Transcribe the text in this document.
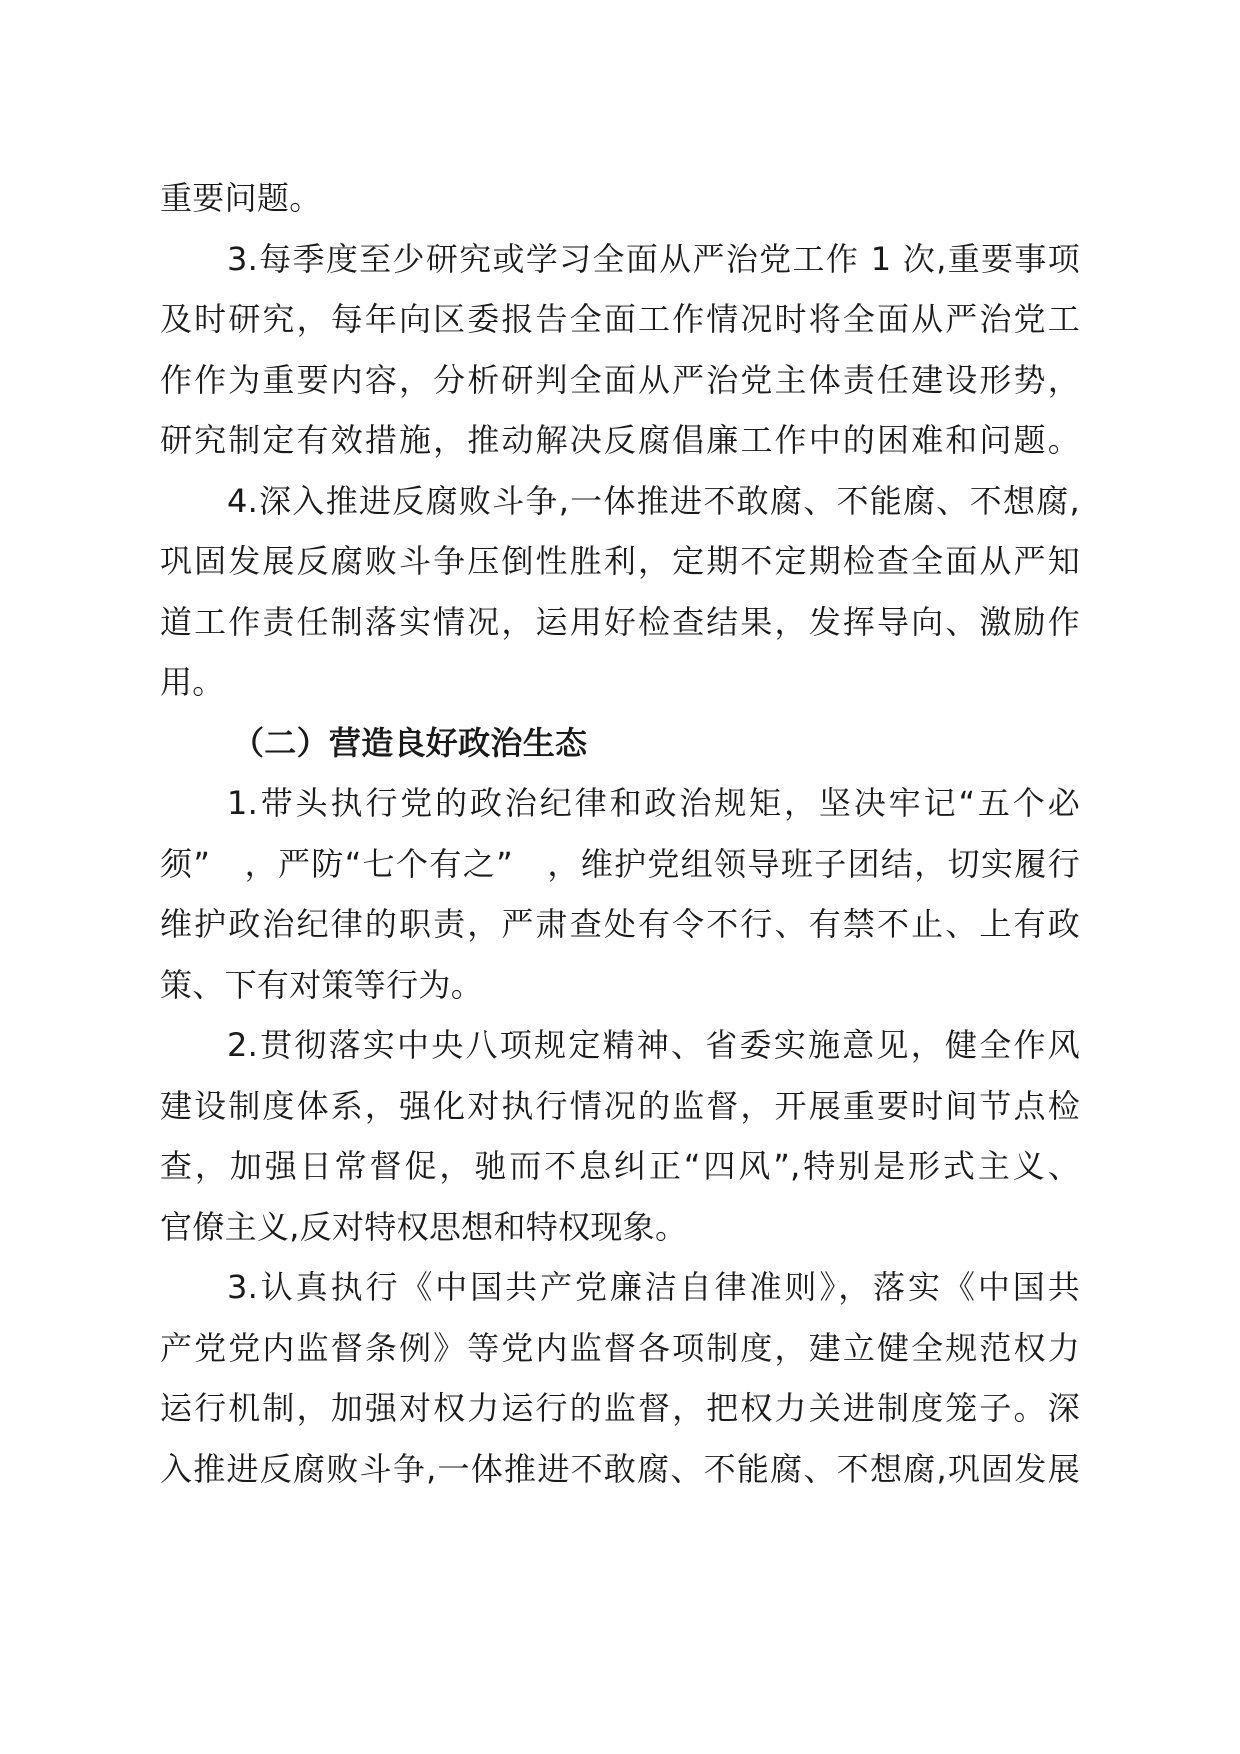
重要问题。
3.每季度至少研究或学习全面从严治党工作 1 次,重要事项
及时研究，每年向区委报告全面工作情况时将全面从严治党工
作作为重要内容，分析研判全面从严治党主体责任建设形势，
研究制定有效措施，推动解决反腐倡廉工作中的困难和问题。
4.深入推进反腐败斗争,一体推进不敢腐、不能腐、不想腐,
巩固发展反腐败斗争压倒性胜利，定期不定期检查全面从严知
道工作责任制落实情况，运用好检查结果，发挥导向、激励作
用。
（二）营造良好政治生态
1.带头执行党的政治纪律和政治规矩，坚决牢记“五个必
须”　，严防“七个有之”　，维护党组领导班子团结，切实履行
维护政治纪律的职责，严肃查处有令不行、有禁不止、上有政
策、下有对策等行为。
2.贯彻落实中央八项规定精神、省委实施意见，健全作风
建设制度体系，强化对执行情况的监督，开展重要时间节点检
查，加强日常督促，驰而不息纠正“四风”,特别是形式主义、
官僚主义,反对特权思想和特权现象。
3.认真执行《中国共产党廉洁自律准则》，落实《中国共
产党党内监督条例》等党内监督各项制度，建立健全规范权力
运行机制，加强对权力运行的监督，把权力关进制度笼子。深
入推进反腐败斗争,一体推进不敢腐、不能腐、不想腐,巩固发展
